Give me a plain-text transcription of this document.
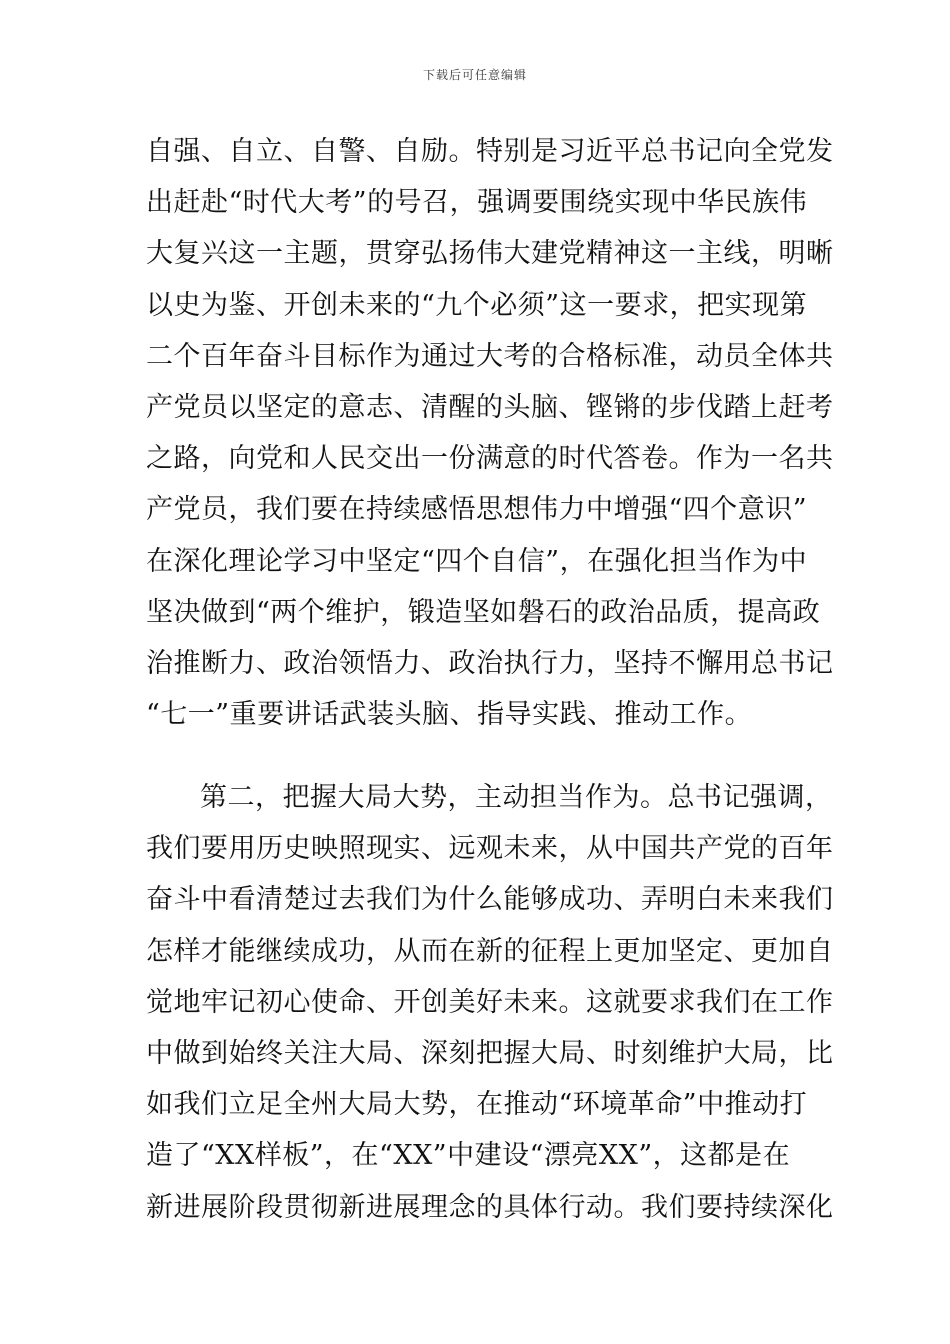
下载后可任意编辑
自强、自立、自警、自励。特别是习近平总书记向全党发
出赶赴“时代大考”的号召，强调要围绕实现中华民族伟
大复兴这一主题，贯穿弘扬伟大建党精神这一主线，明晰
以史为鉴、开创未来的“九个必须”这一要求，把实现第
二个百年奋斗目标作为通过大考的合格标准，动员全体共
产党员以坚定的意志、清醒的头脑、铿锵的步伐踏上赶考
之路，向党和人民交出一份满意的时代答卷。作为一名共
产党员，我们要在持续感悟思想伟力中增强“四个意识”
在深化理论学习中坚定“四个自信”，在强化担当作为中
坚决做到“两个维护，锻造坚如磐石的政治品质，提高政
治推断力、政治领悟力、政治执行力，坚持不懈用总书记
“七一”重要讲话武装头脑、指导实践、推动工作。
第二，把握大局大势，主动担当作为。总书记强调，
我们要用历史映照现实、远观未来，从中国共产党的百年
奋斗中看清楚过去我们为什么能够成功、弄明白未来我们
怎样才能继续成功，从而在新的征程上更加坚定、更加自
觉地牢记初心使命、开创美好未来。这就要求我们在工作
中做到始终关注大局、深刻把握大局、时刻维护大局，比
如我们立足全州大局大势，在推动“环境革命”中推动打
造了“XX样板”，在“XX”中建设“漂亮XX”，这都是在
新进展阶段贯彻新进展理念的具体行动。我们要持续深化
